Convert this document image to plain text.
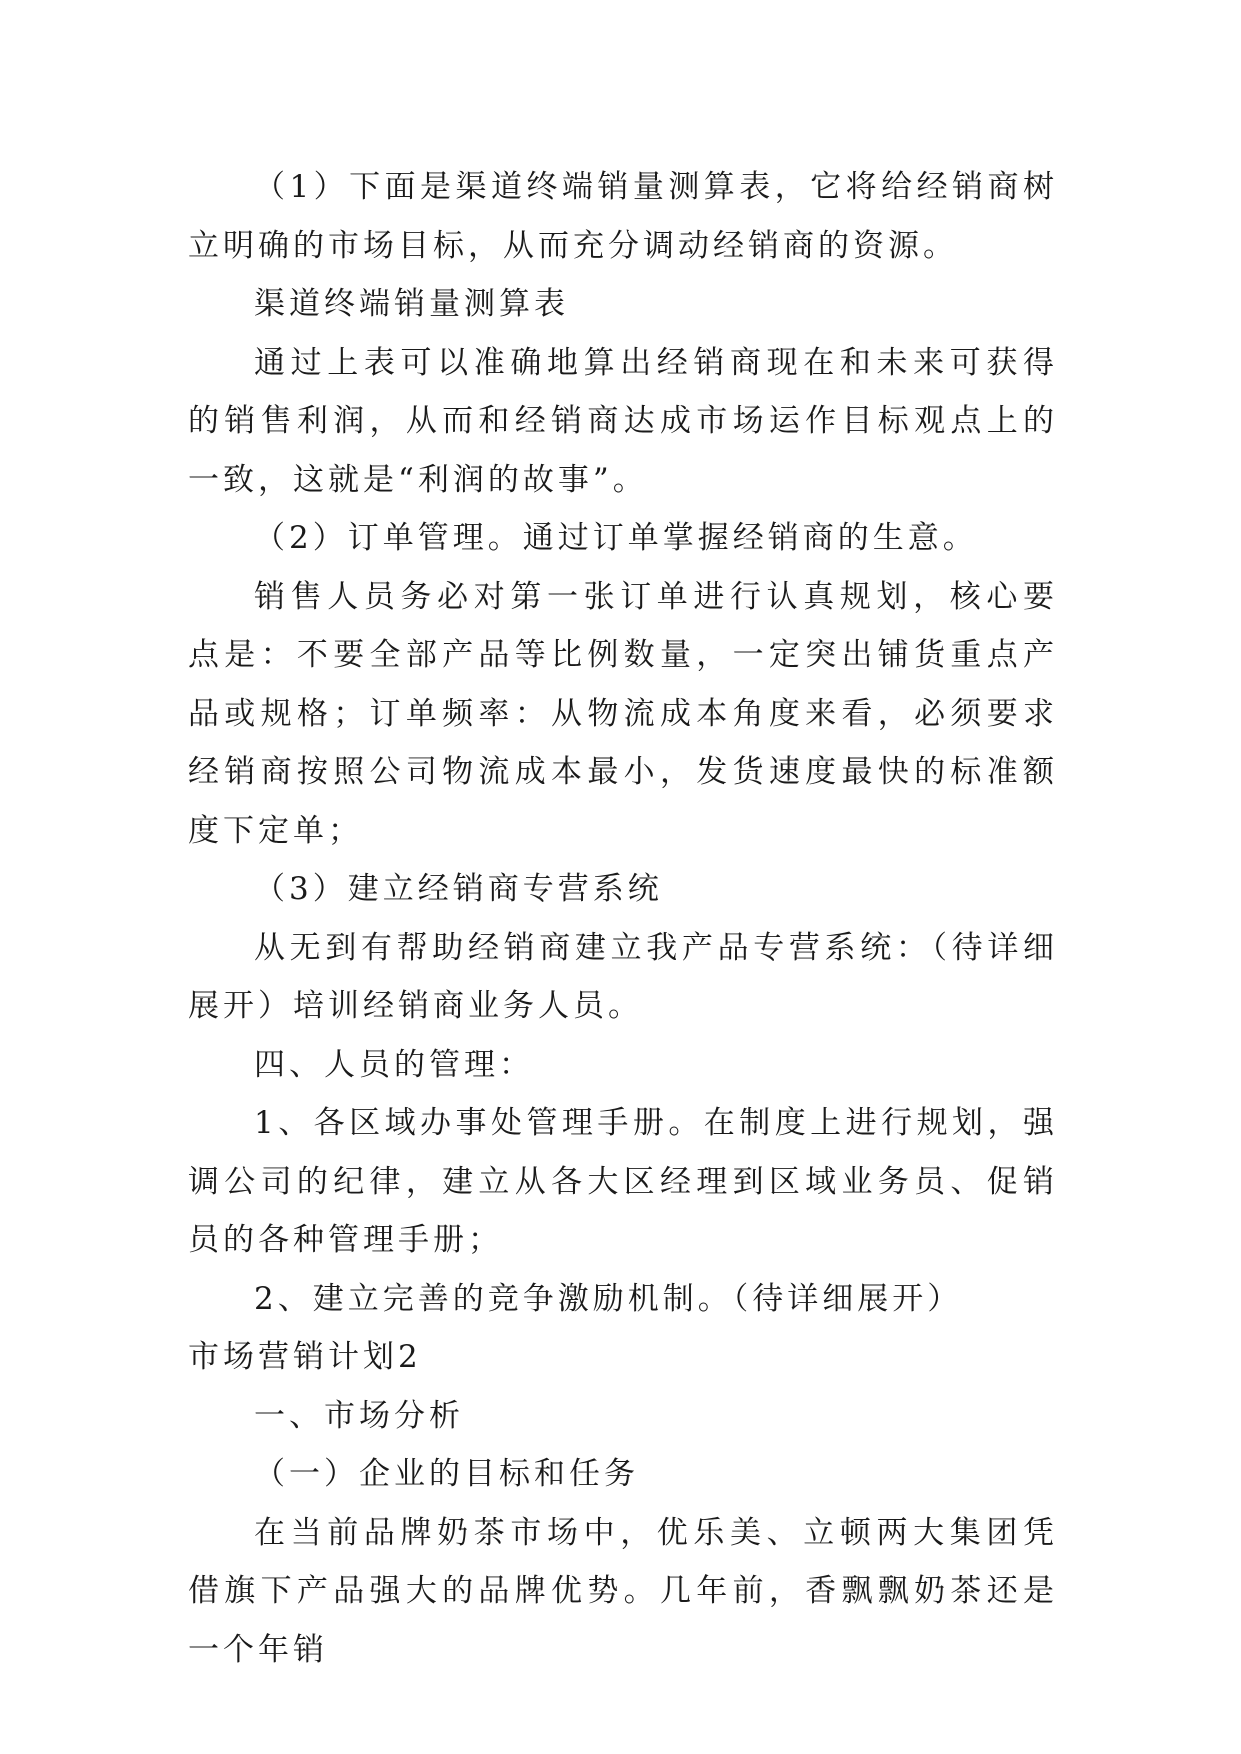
（1）下面是渠道终端销量测算表，它将给经销商树立明确的市场目标，从而充分调动经销商的资源。

渠道终端销量测算表

通过上表可以准确地算出经销商现在和未来可获得的销售利润，从而和经销商达成市场运作目标观点上的一致，这就是“利润的故事”。

（2）订单管理。通过订单掌握经销商的生意。

销售人员务必对第一张订单进行认真规划，核心要点是：不要全部产品等比例数量，一定突出铺货重点产品或规格；订单频率：从物流成本角度来看，必须要求经销商按照公司物流成本最小，发货速度最快的标准额度下定单；

（3）建立经销商专营系统

从无到有帮助经销商建立我产品专营系统：（待详细展开）培训经销商业务人员。

四、人员的管理：

1、各区域办事处管理手册。在制度上进行规划，强调公司的纪律，建立从各大区经理到区域业务员、促销员的各种管理手册；

2、建立完善的竞争激励机制。（待详细展开）

市场营销计划2

一、市场分析

（一）企业的目标和任务

在当前品牌奶茶市场中，优乐美、立顿两大集团凭借旗下产品强大的品牌优势。几年前，香飘飘奶茶还是一个年销
